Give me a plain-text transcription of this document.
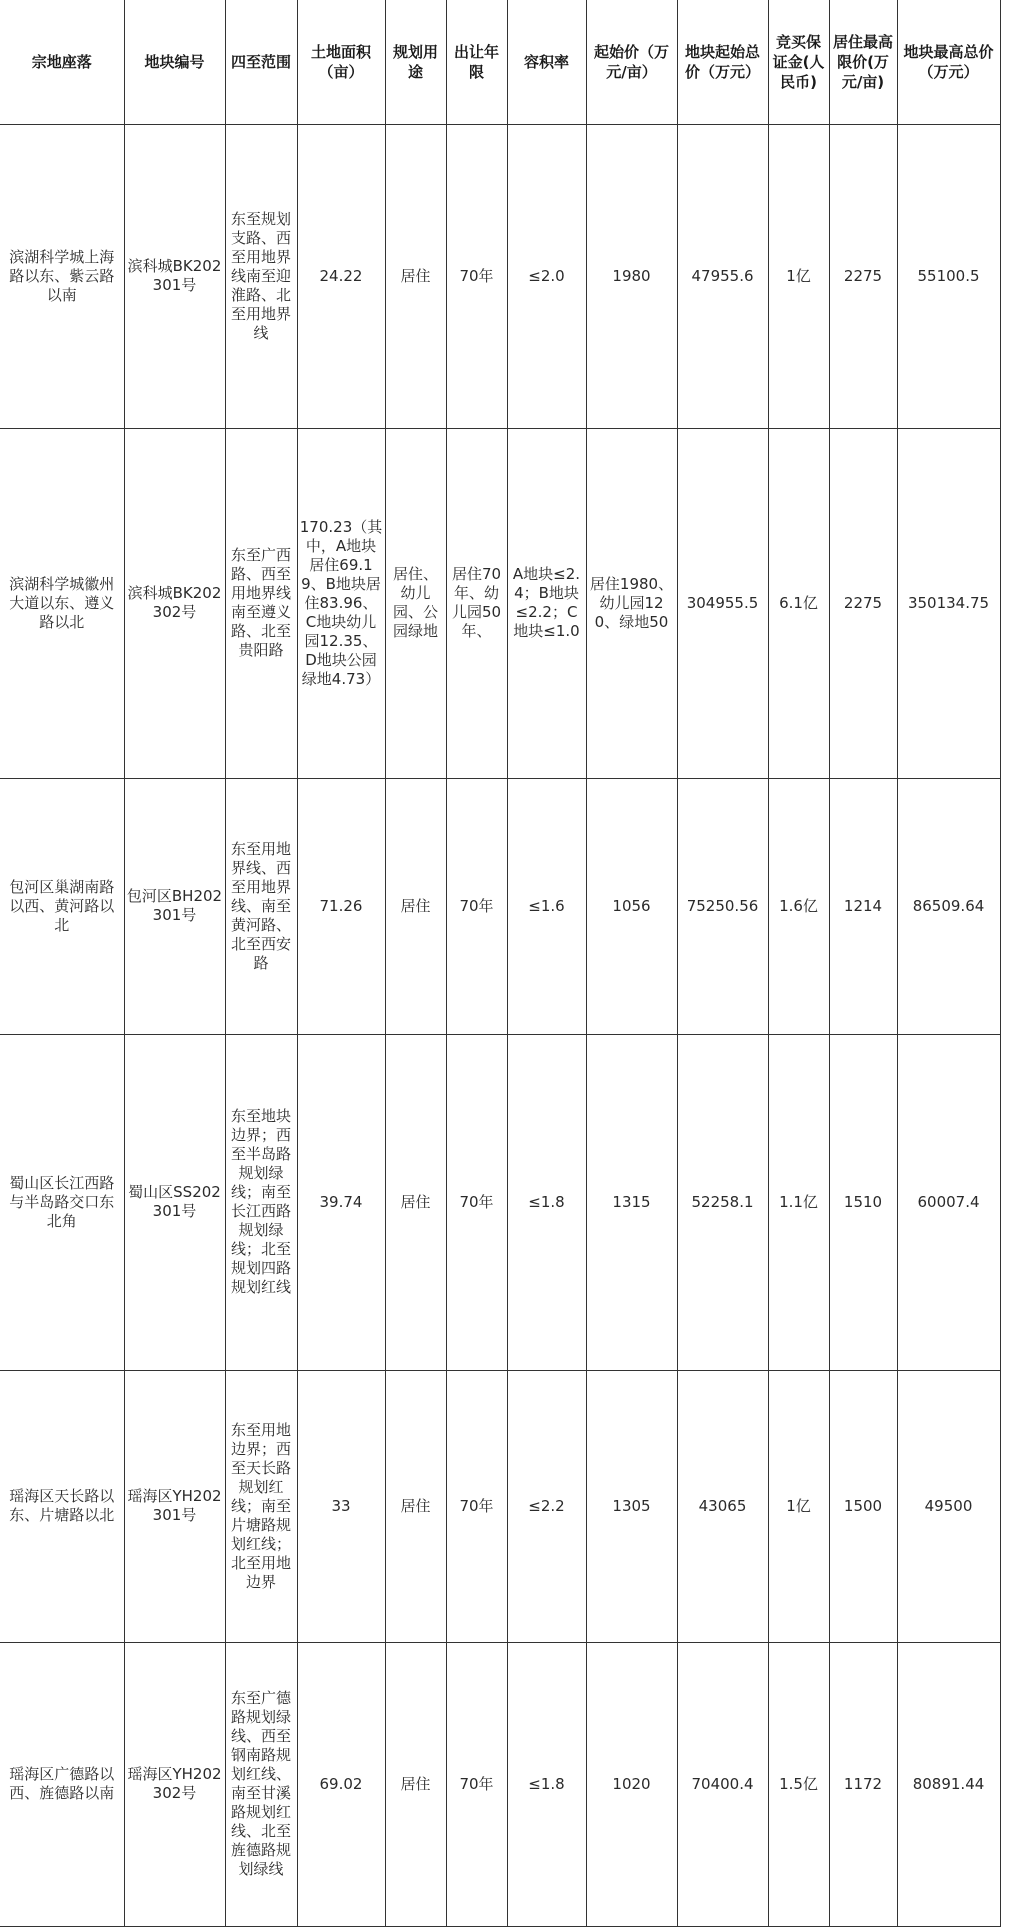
宗地座落	地块编号	四至范围	土地面积（亩）	规划用途	出让年限	容积率	起始价（万元/亩）	地块起始总价（万元）	竞买保证金(人民币)	居住最高限价(万元/亩)	地块最高总价（万元）
滨湖科学城上海路以东、紫云路以南	滨科城BK202301号	东至规划支路、西至用地界线南至迎淮路、北至用地界线	24.22	居住	70年	≤2.0	1980	47955.6	1亿	2275	55100.5
滨湖科学城徽州大道以东、遵义路以北	滨科城BK202302号	东至广西路、西至用地界线南至遵义路、北至贵阳路	170.23（其中，A地块居住69.19、B地块居住83.96、C地块幼儿园12.35、D地块公园绿地4.73）	居住、幼儿园、公园绿地	居住70年、幼儿园50年、	A地块≤2.4；B地块≤2.2；C地块≤1.0	居住1980、幼儿园120、绿地50	304955.5	6.1亿	2275	350134.75
包河区巢湖南路以西、黄河路以北	包河区BH202301号	东至用地界线、西至用地界线、南至黄河路、北至西安路	71.26	居住	70年	≤1.6	1056	75250.56	1.6亿	1214	86509.64
蜀山区长江西路与半岛路交口东北角	蜀山区SS202301号	东至地块边界；西至半岛路规划绿线；南至长江西路规划绿线；北至规划四路规划红线	39.74	居住	70年	≤1.8	1315	52258.1	1.1亿	1510	60007.4
瑶海区天长路以东、片塘路以北	瑶海区YH202301号	东至用地边界；西至天长路规划红线；南至片塘路规划红线；北至用地边界	33	居住	70年	≤2.2	1305	43065	1亿	1500	49500
瑶海区广德路以西、旌德路以南	瑶海区YH202302号	东至广德路规划绿线、西至钢南路规划红线、南至甘溪路规划红线、北至旌德路规划绿线	69.02	居住	70年	≤1.8	1020	70400.4	1.5亿	1172	80891.44
